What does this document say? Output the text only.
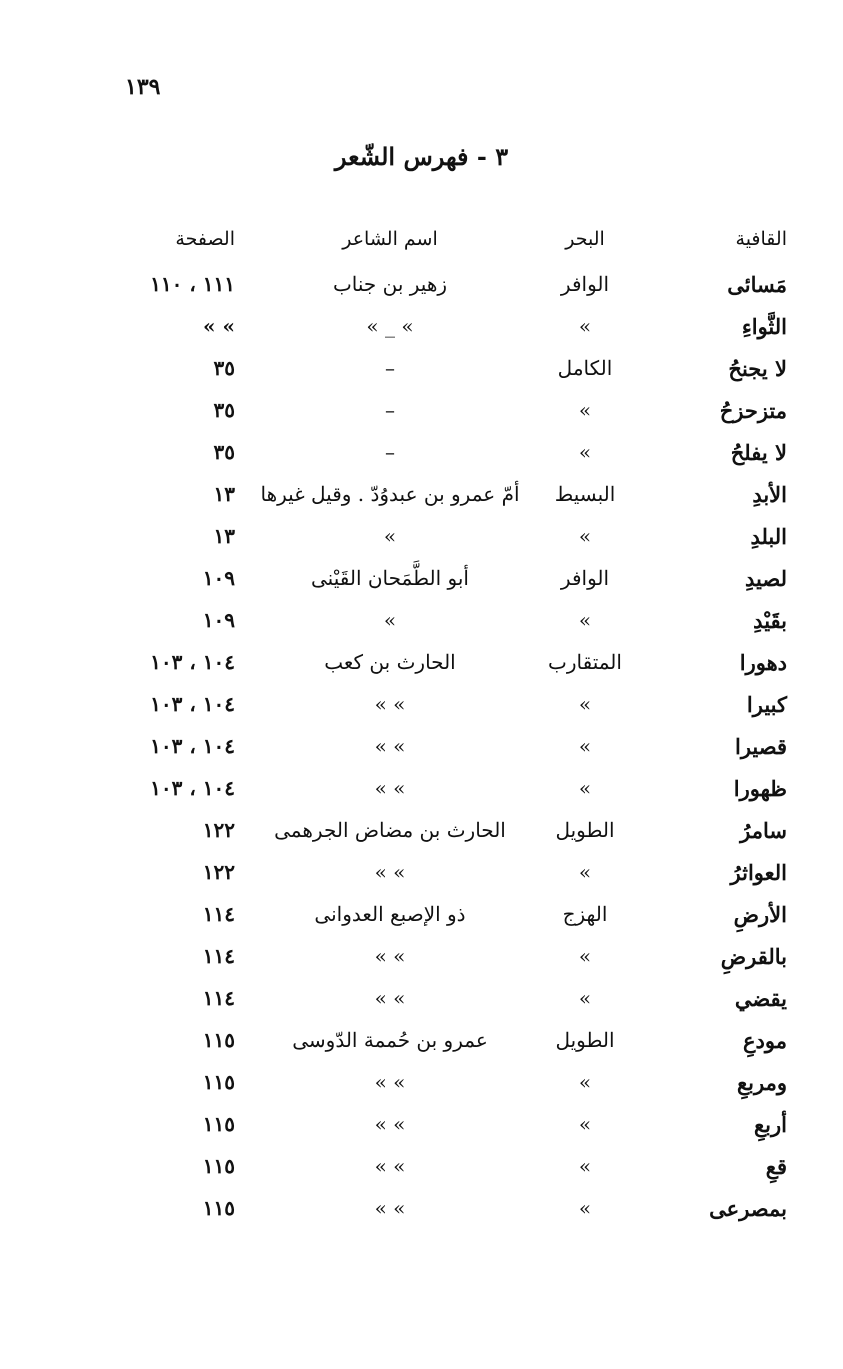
١٣٩
٣ - فهرس الشّعر
القافية
البحر
اسم الشاعر
الصفحة
مَسائى
الوافر
زهير بن جناب
١١١ ، ١١٠
الثَّواءِ
»
» _ »
» »
لا يجنحُ
الكامل
–
٣٥
متزحزحُ
»
–
٣٥
لا يفلحُ
»
–
٣٥
الأبدِ
البسيط
أمّ عمرو بن عبدوُدّ . وقيل غيرها
١٣
البلدِ
»
»
١٣
لصيدِ
الوافر
أبو الطَّمَحان القَيْنى
١٠٩
بقَيْدِ
»
»
١٠٩
دهورا
المتقارب
الحارث بن كعب
١٠٤ ، ١٠٣
كبيرا
»
» »
١٠٤ ، ١٠٣
قصيرا
»
» »
١٠٤ ، ١٠٣
ظهورا
»
» »
١٠٤ ، ١٠٣
سامرُ
الطويل
الحارث بن مضاض الجرهمى
١٢٢
العواثرُ
»
» »
١٢٢
الأرضِ
الهزج
ذو الإصبع العدوانى
١١٤
بالقرضِ
»
» »
١١٤
يقضي
»
» »
١١٤
مودعِ
الطويل
عمرو بن حُممة الدّوسى
١١٥
ومربعِ
»
» »
١١٥
أربعِ
»
» »
١١٥
قعِ
»
» »
١١٥
بمصرعى
»
» »
١١٥
